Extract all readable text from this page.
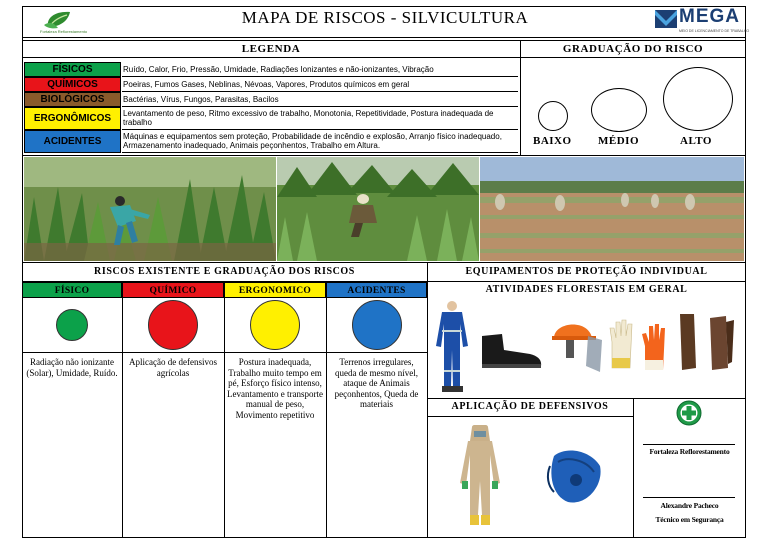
Fortaleza Reflorestamento
MAPA DE RISCOS - SILVICULTURA	MEGA
MEIO DE LICENCIAMENTO DE TRABALHO
LEGENDA	GRADUAÇÃO DO RISCO
FÍSICOS	Ruído, Calor, Frio, Pressão, Umidade, Radiações Ionizantes e não-ionizantes, Vibração
QUÍMICOS	Poeiras, Fumos Gases, Neblinas, Névoas, Vapores, Produtos químicos em geral
BIOLÓGICOS	Bactérias, Vírus, Fungos, Parasitas, Bacilos
ERGONÔMICOS	Levantamento de peso, Ritmo excessivo de trabalho, Monotonia, Repetitividade, Postura inadequada de trabalho
ACIDENTES	Máquinas e equipamentos sem proteção, Probabilidade de incêndio e explosão, Arranjo físico inadequado, Armazenamento inadequado, Animais peçonhentos, Trabalho em Altura.	BAIXO MÉDIO	ALTO
RISCOS EXISTENTE E GRADUAÇÃO DOS RISCOS	EQUIPAMENTOS DE PROTEÇÃO INDIVIDUAL
FÍSICO
Radiação não ionizante (Solar), Umidade, Ruído.
QUÍMICO
Aplicação de defensivos agrícolas
ERGONOMICO
Postura inadequada, Trabalho muito tempo em pé, Esforço físico intenso, Levantamento e transporte manual de peso, Movimento repetitivo
ACIDENTES
Terrenos irregulares, queda de mesmo nível, ataque de Animais peçonhentos, Queda de materiais
ATIVIDADES FLORESTAIS EM GERAL
APLICAÇÃO DE DEFENSIVOS
Fortaleza Reflorestamento
Alexandre Pacheco
Técnico em Segurança
